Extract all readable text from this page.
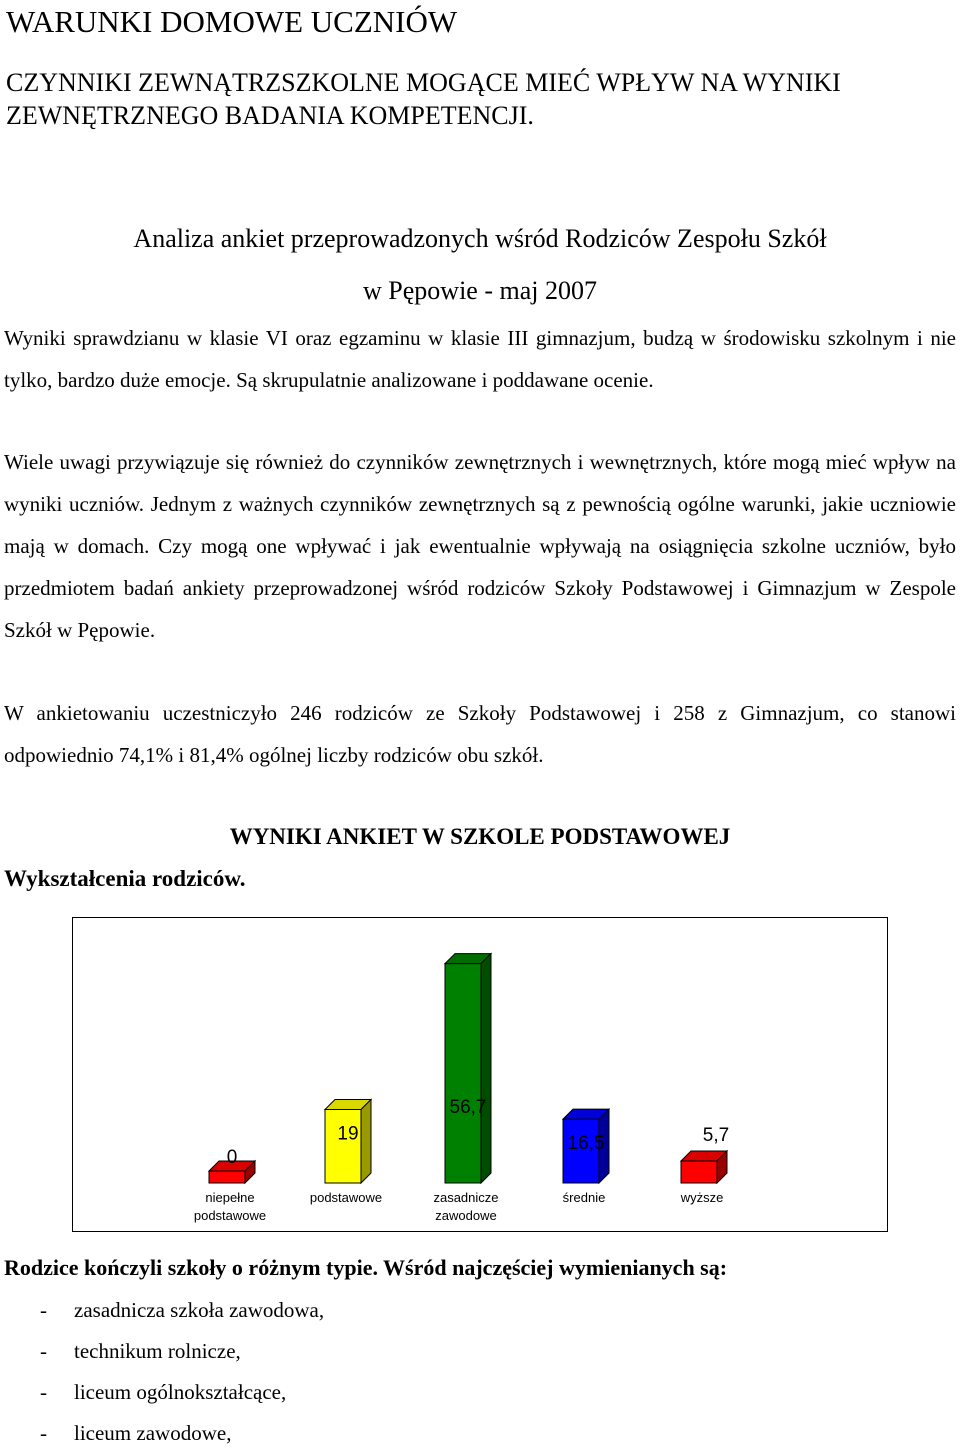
WARUNKI DOMOWE UCZNIÓW
CZYNNIKI ZEWNĄTRZSZKOLNE MOGĄCE MIEĆ WPŁYW NA WYNIKI ZEWNĘTRZNEGO BADANIA KOMPETENCJI.
Analiza ankiet przeprowadzonych wśród Rodziców Zespołu Szkół
w Pępowie - maj 2007
Wyniki sprawdzianu w klasie VI oraz egzaminu w klasie III gimnazjum, budzą w środowisku szkolnym i nie tylko, bardzo duże emocje. Są skrupulatnie analizowane i poddawane ocenie.
Wiele uwagi przywiązuje się również do czynników zewnętrznych i wewnętrznych, które mogą mieć wpływ na wyniki uczniów. Jednym z ważnych czynników zewnętrznych są z pewnością ogólne warunki, jakie uczniowie mają w domach. Czy mogą one wpływać i jak ewentualnie wpływają na osiągnięcia szkolne uczniów, było przedmiotem badań ankiety przeprowadzonej wśród rodziców Szkoły Podstawowej i Gimnazjum w Zespole Szkół w Pępowie.
W ankietowaniu uczestniczyło 246 rodziców ze Szkoły Podstawowej i 258 z Gimnazjum, co stanowi odpowiednio 74,1% i 81,4% ogólnej liczby rodziców obu szkół.
WYNIKI ANKIET W SZKOLE PODSTAWOWEJ
Wykształcenia rodziców.
0
19
56,7
16,5	5,7
niepełne
podstawowe
podstawowe	zasadnicze
zawodowe
średnie	wyższe
Rodzice kończyli szkoły o różnym typie. Wśród najczęściej wymienianych są:
- zasadnicza szkoła zawodowa,
- technikum rolnicze,
- liceum ogólnokształcące,
- liceum zawodowe,
